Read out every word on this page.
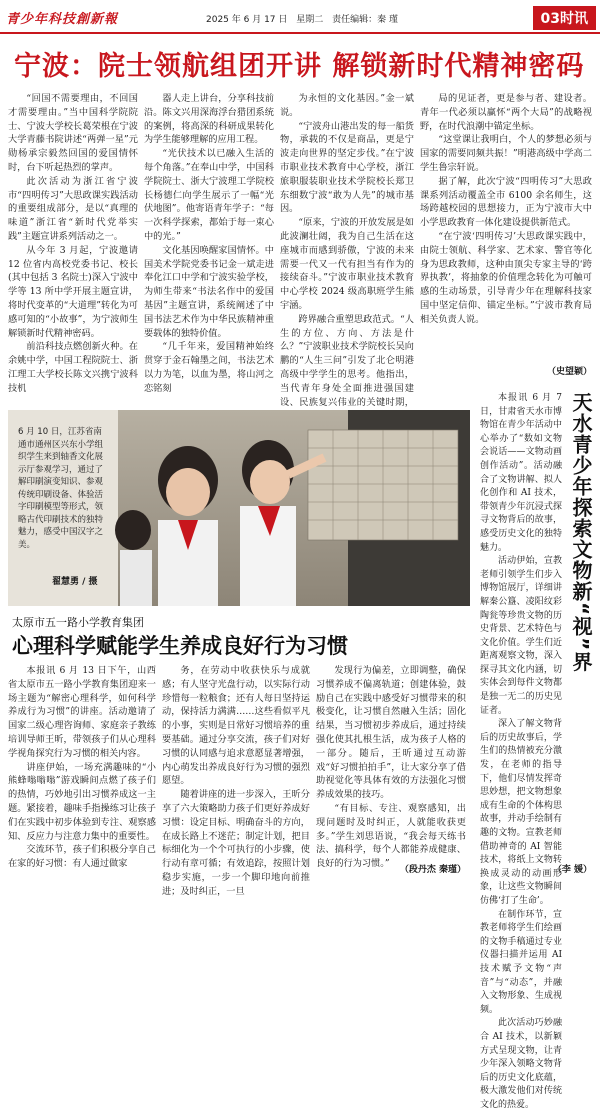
青少年科技創新報	2025 年 6 月 17 日 星期二 责任编辑：秦 瑾	03时讯
宁波：院士领航组团开讲 解锁新时代精神密码

“回国不需要理由，不回国才需要理由。”当中国科学院院士、宁波大学校长葛荣根在宁波大学青藤书院讲述“两弹一星”元勋杨承宗毅然回国的爱国情怀时，台下听起热烈的掌声。

此次活动为浙江省宁波市“四明传习”大思政课实践活动的重要组成部分，是以“真理的味道”浙江省“新时代党举实践”主题宣讲系列活动之一。

从今年 3 月起，宁波邀请 12 位省内高校党委书记、校长(其中包括 3 名院士)深入宁波中学等 13 所中学开展主题宣讲，将时代变革的“大道理”转化为可感可知的“小故事”，为宁波师生解锁新时代精神密码。

前沿科技点燃创新火种。在余姚中学，中国工程院院士、浙江理工大学校长陈文兴携宁波科技机

器人走上讲台，分享科技前沿。陈文兴用深海浮台猎团系统的案例，将高深的科研成果转化为学生能够理解的应用工程。

“光伏技术以已融入生活的每个角落。”在奉山中学，中国科学院院士、浙大宁波理工学院校长杨德仁向学生展示了一幅“光伏地图”。他寄语青年学子：“每一次科学探索，都始于每一束心中的光。”

文化基因唤醒家国情怀。中国美术学院党委书记金一斌走进奉化江口中学和宁波实验学校，为师生带来“书法名作中的爱国基因”主题宣讲，系统阐述了中国书法艺术作为中华民族精神重要载体的独特价值。

“几千年来，爱国精神始终贯穿于金石翰墨之间，书法艺术以力为笔，以血为墨，将山河之恋铭刻

为永恒的文化基因。”金一斌说。

“宁波舟山港出发的每一船货物，承载的不仅是商品，更是宁波走向世界的坚定步伐。”在宁波市职业技术教育中心学校，浙江旅职服装职业技术学院校长郑卫东细数宁波“敢为人先”的城市基因。

“原来，宁波的开放发展是如此波澜壮阔，我为自己生活在这座城市而感到骄傲，宁波的未来需要一代又一代有担当有作为的接续奋斗。”宁波市职业技术教育中心学校 2024 级高职班学生熊宇涵。

跨界融合重塑思政范式。“人生的方位、方向、方法是什么？”宁波职业技术学院校长吴向鹏的“人生三问”引发了北仑明港高级中学学生的思考。他指出，当代青年身处全面推进强国建设、民族复兴伟业的关键时期，

局的见证者，更是参与者、建设者。青年一代必须以赢怀“两个大局”的战略视野，在时代浪潮中锚定坐标。

“这堂课让我明白，个人的梦想必须与国家的需要同频共振！”明港高级中学高二学生鲁宗轩说。

据了解，此次宁波“四明传习”大思政课系列活动覆盖全市 6100 余名师生，这场跨越校园的思想接力，正为宁波市大中小学思政教育一体化建设提供新范式。

“在宁波‘四明传习’大思政课实践中，由院士领航、科学家、艺术家、警官等化身为思政教师，这种由顶尖专家主导的‘跨界执教’，将抽象的价值理念转化为可触可感的生动场景，引导青少年在理解科技家国中坚定信仰、锚定坐标。”宁波市教育局相关负责人说。

（史望颖）
6 月 10 日，江苏省南通市通州区兴东小学组织学生来到轴香文化展示厅参观学习，通过了解印刷演变知识、参观传统印刷设备、体验活字印刷模型等形式，领略古代印刷技术的独特魅力，感受中国汉字之美。
翟慧勇 / 摄	天水青少年探索文物新“视”界

本报讯 6 月 7 日，甘肃省天水市博物馆在青少年活动中心举办了“数如文物会说话——文物动画创作活动”。活动融合了文物讲解、拟人化创作和 AI 技术，带领青少年沉浸式探寻文物背后的故事，感受历史文化的独特魅力。

活动伊始，宣教老师引领学生们步入博物馆展厅，详细讲解秦公簋、凌阳纹彩陶瓮等珍贵文物的历史背景、艺术特色与文化价值。学生们近距离观察文物，深入探寻其文化内涵，切实体会到每件文物都是独一无二的历史见证者。

深入了解文物背后的历史故事后，学生们的热情被充分激发，在老师的指导下，他们尽情发挥奇思妙想，把文物想象成有生命的个体构思故事，并动手绘制有趣的文物。宣教老师借助神奇的 AI 智能技术，将纸上文物转换成灵动的动画形象，让这些文物瞬间仿佛‘打了生命’。

在制作环节，宣教老师将学生们绘画的文物手稿通过专业仪器扫描并运用 AI 技术赋予文物“声音”与“动态”，并融入文物形象、生成视频。

此次活动巧妙融合 AI 技术，以新颖方式呈现文物，让青少年深入领略文物背后的历史文化底蕴，极大激发他们对传统文化的热爱。

（李 媛）
太原市五一路小学教育集团
心理科学赋能学生养成良好行为习惯

本报讯 6 月 13 日下午，山西省太原市五一路小学教育集团迎来一场主题为“解密心理科学，如何科学养成行为习惯”的讲座。活动邀请了国家二级心理咨询师、家庭亲子教练培训导师王昕，带领孩子们从心理科学视角探究行为习惯的相关内容。

讲座伊始，一场充满趣味的“小熊蜂嗡嗡嗡”游戏瞬间点燃了孩子们的热情，巧妙地引出习惯养成这一主题。紧接着，趣味手指操练习让孩子们在实践中初步体验到专注、观察感知、反应力与注意力集中的重要性。

交流环节，孩子们积极分享自己在家的好习惯：有人通过做家

务，在劳动中收获快乐与成就感；有人坚守光盘行动，以实际行动珍惜每一粒粮食；还有人每日坚持运动，保持活力满满……这些看似平凡的小事，实则是日常好习惯培养的重要基础。通过分享交流，孩子们对好习惯的认同感与追求意愿显著增强，内心萌发出养成良好行为习惯的强烈愿望。

随着讲座的进一步深入，王昕分享了六大策略助力孩子们更好养成好习惯：设定目标、明确奋斗的方向，在成长路上不迷茫；制定计划，把目标细化为一个个可执行的小步骤，使行动有章可循；有效追踪，按照计划稳步实施，一步一个脚印地向前推进；及时纠正，一旦

发现行为偏差，立即调整，确保习惯养成不偏离轨道；创建体验，鼓励自己在实践中感受好习惯带来的积极变化，让习惯自然融入生活；固化结果，当习惯初步养成后，通过持续强化使其扎根生活，成为孩子人格的一部分。随后，王昕通过互动游戏“好习惯拍拍手”，让大家分享了借助视觉化等具体有效的方法强化习惯养成效果的技巧。

“有目标、专注、观察感知，出现问题时及时纠正，人就能收获更多。”学生刘思语说，“我会每天练书法、搞科学，每个人都能养成健康、良好的行为习惯。”

（段丹杰 秦瑾）
